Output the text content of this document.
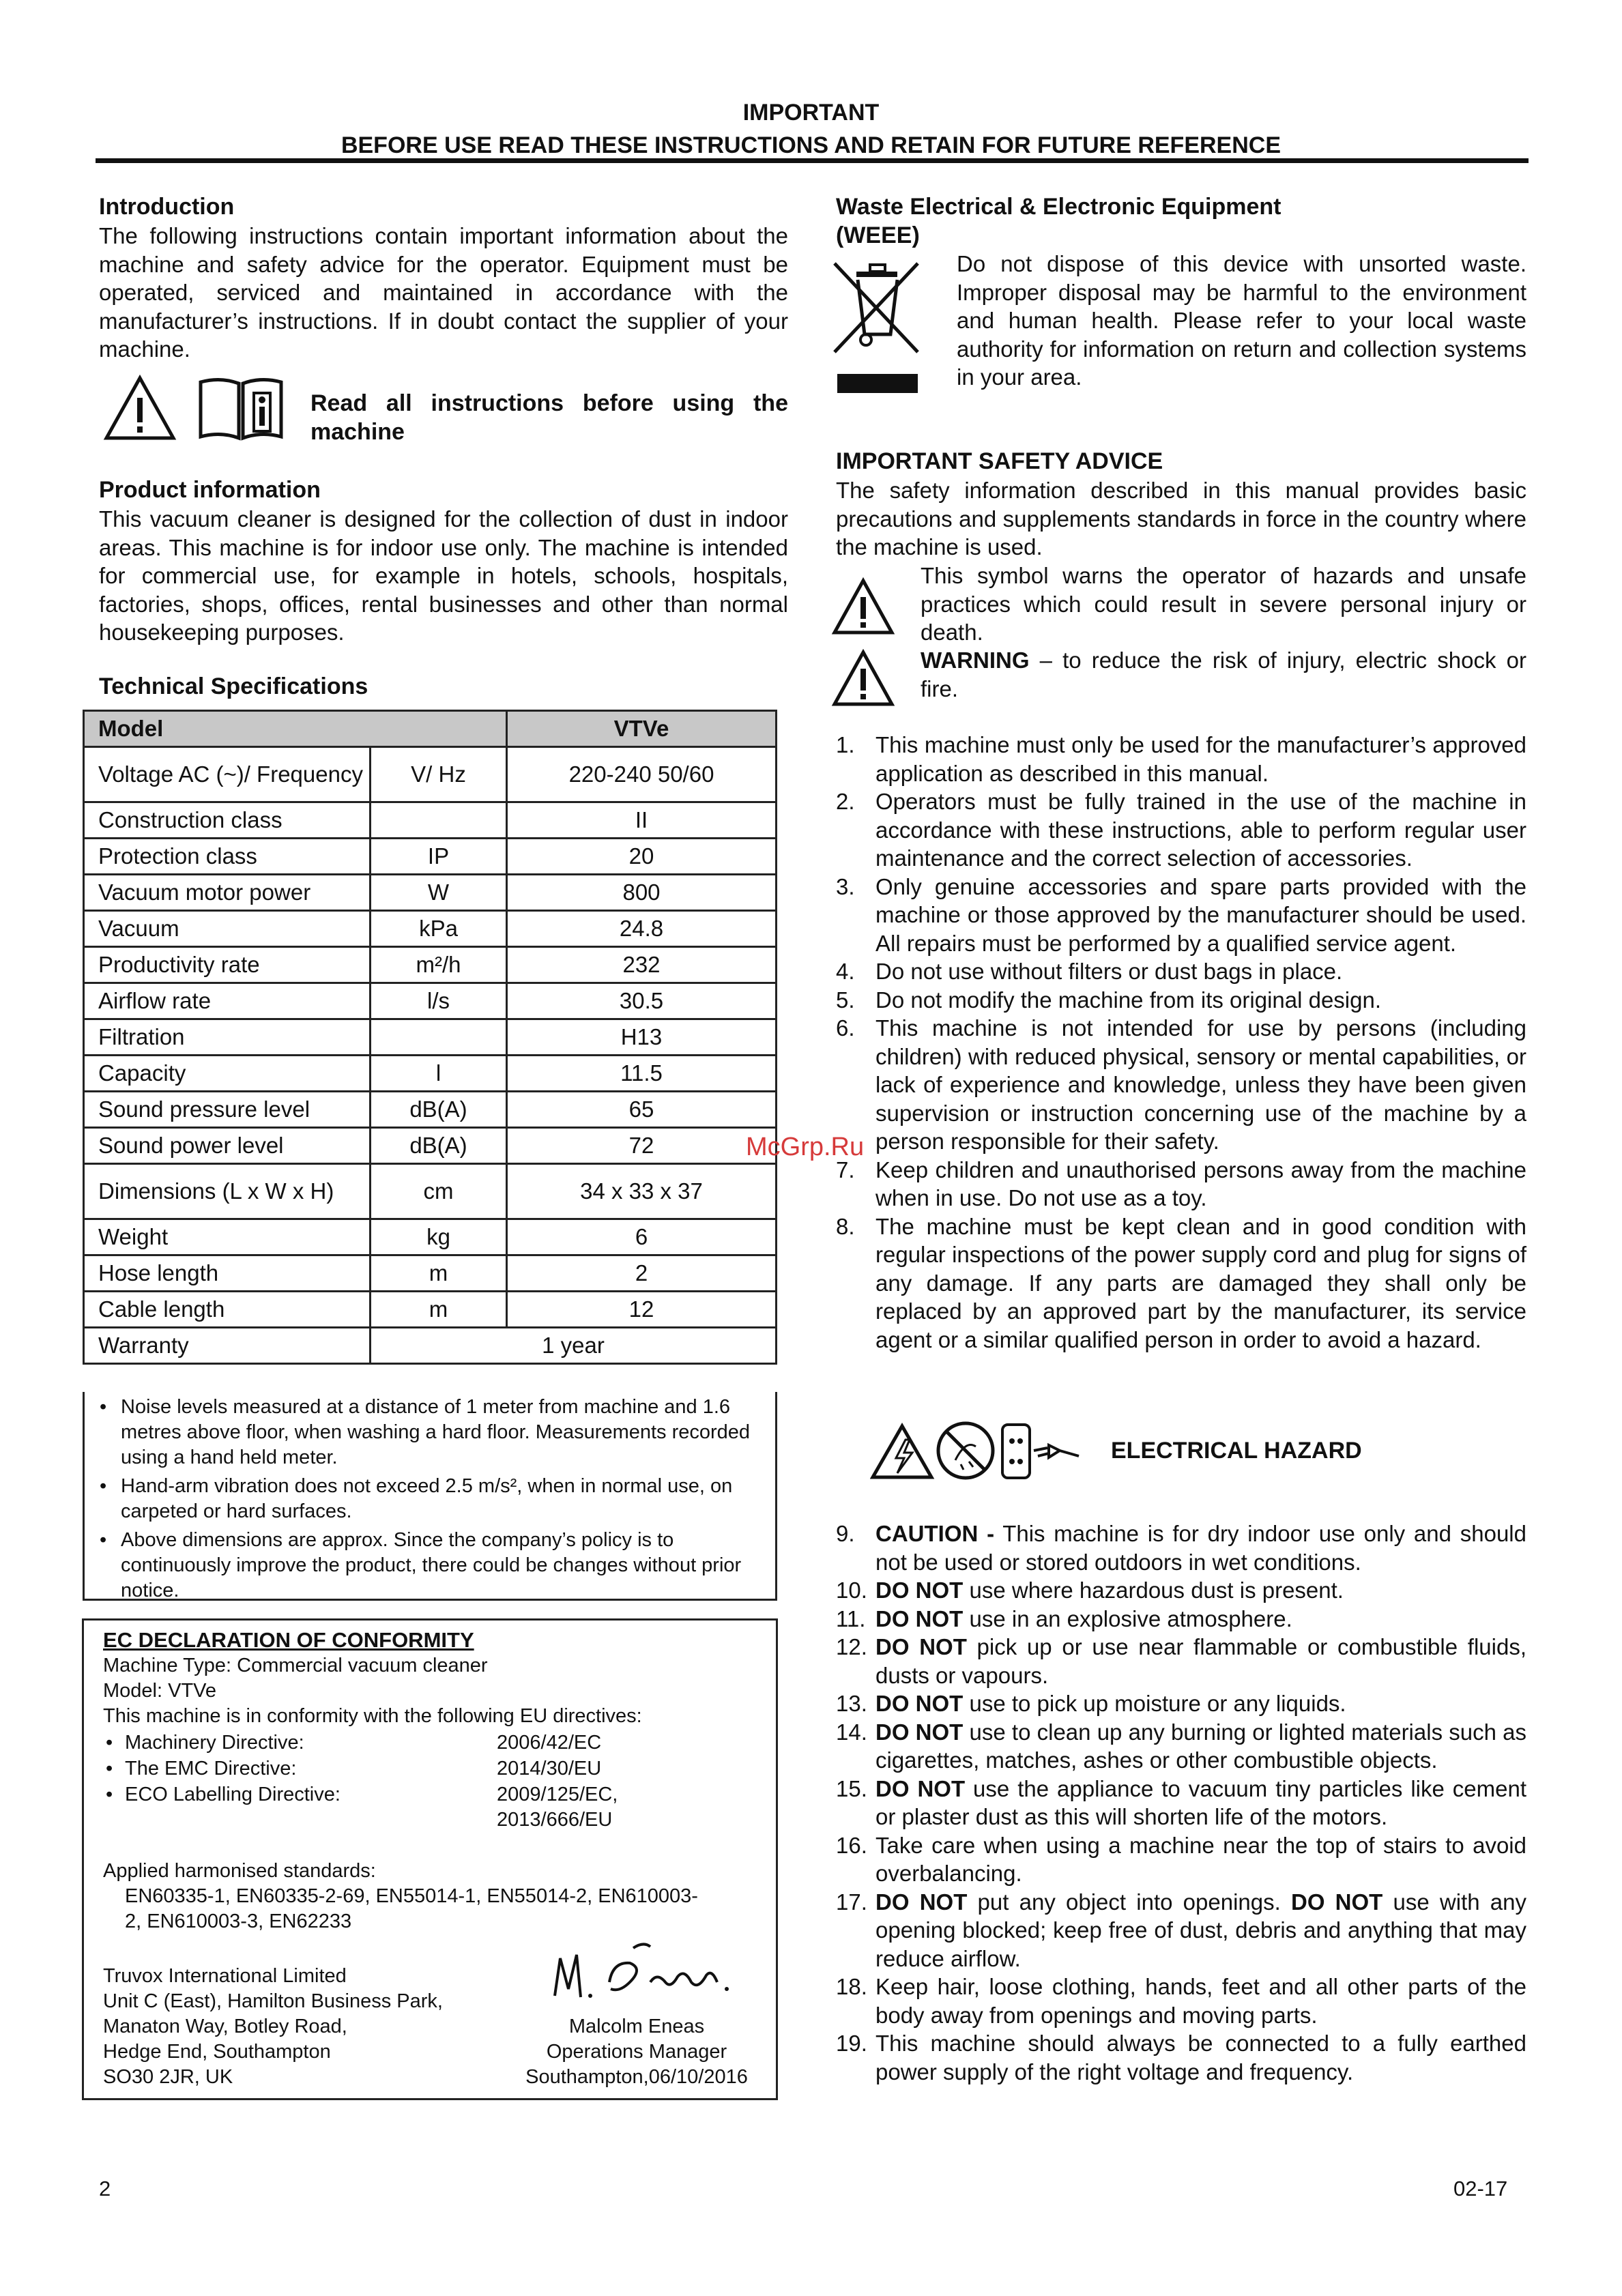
IMPORTANT
BEFORE USE READ THESE INSTRUCTIONS AND RETAIN FOR FUTURE REFERENCE
Introduction
The following instructions contain important information about the machine and safety advice for the operator. Equipment must be operated, serviced and maintained in accordance with the manufacturer’s instructions. If in doubt contact the supplier of your machine.
Read all instructions before using the machine
Product information
This vacuum cleaner is designed for the collection of dust in indoor areas. This machine is for indoor use only. The machine is intended for commercial use, for example in hotels, schools, hospitals, factories, shops, offices, rental businesses and other than normal housekeeping purposes.
Technical Specifications
Model		VTVe
Voltage AC (~)/ Frequency	V/ Hz	220-240 50/60
Construction class		II
Protection class	IP	20
Vacuum motor power	W	800
Vacuum	kPa	24.8
Productivity rate	m²/h	232
Airflow rate	l/s	30.5
Filtration		H13
Capacity	l	11.5
Sound pressure level	dB(A)	65
Sound power level	dB(A)	72
Dimensions (L x W x H)	cm	34 x 33 x 37
Weight	kg	6
Hose length	m	2
Cable length	m	12
Warranty	1 year	
• Noise levels measured at a distance of 1 meter from machine and 1.6 metres above floor, when washing a hard floor. Measurements recorded using a hand held meter.
• Hand-arm vibration does not exceed 2.5 m/s², when in normal use, on carpeted or hard surfaces.
• Above dimensions are approx. Since the company’s policy is to continuously improve the product, there could be changes without prior notice.
EC DECLARATION OF CONFORMITY
Machine Type: Commercial vacuum cleaner
Model: VTVe
This machine is in conformity with the following EU directives:
• Machinery Directive:	2006/42/EC
• The EMC Directive:	2014/30/EU
• ECO Labelling Directive:	2009/125/EC,
2013/666/EU
Applied harmonised standards:
EN60335-1, EN60335-2-69, EN55014-1, EN55014-2, EN610003-
2, EN610003-3, EN62233
Truvox International Limited
Unit C (East), Hamilton Business Park,
Manaton Way, Botley Road,
Hedge End, Southampton
SO30 2JR, UK
Malcolm Eneas
Operations Manager
Southampton,06/10/2016
Waste Electrical & Electronic Equipment
(WEEE)
Do not dispose of this device with unsorted waste. Improper disposal may be harmful to the environment and human health. Please refer to your local waste authority for information on return and collection systems in your area.
IMPORTANT SAFETY ADVICE
The safety information described in this manual provides basic precautions and supplements standards in force in the country where the machine is used.
This symbol warns the operator of hazards and unsafe practices which could result in severe personal injury or death.
WARNING – to reduce the risk of injury, electric shock or fire.
1. This machine must only be used for the manufacturer’s approved application as described in this manual.
2. Operators must be fully trained in the use of the machine in accordance with these instructions, able to perform regular user maintenance and the correct selection of accessories.
3. Only genuine accessories and spare parts provided with the machine or those approved by the manufacturer should be used. All repairs must be performed by a qualified service agent.
4. Do not use without filters or dust bags in place.
5. Do not modify the machine from its original design.
6. This machine is not intended for use by persons (including children) with reduced physical, sensory or mental capabilities, or lack of experience and knowledge, unless they have been given supervision or instruction concerning use of the machine by a person responsible for their safety.
7. Keep children and unauthorised persons away from the machine when in use. Do not use as a toy.
8. The machine must be kept clean and in good condition with regular inspections of the power supply cord and plug for signs of any damage. If any parts are damaged they shall only be replaced by an approved part by the manufacturer, its service agent or a similar qualified person in order to avoid a hazard.
ELECTRICAL HAZARD
9. CAUTION - This machine is for dry indoor use only and should not be used or stored outdoors in wet conditions.
10. DO NOT use where hazardous dust is present.
11. DO NOT use in an explosive atmosphere.
12. DO NOT pick up or use near flammable or combustible fluids, dusts or vapours.
13. DO NOT use to pick up moisture or any liquids.
14. DO NOT use to clean up any burning or lighted materials such as cigarettes, matches, ashes or other combustible objects.
15. DO NOT use the appliance to vacuum tiny particles like cement or plaster dust as this will shorten life of the motors.
16. Take care when using a machine near the top of stairs to avoid overbalancing.
17. DO NOT put any object into openings. DO NOT use with any opening blocked; keep free of dust, debris and anything that may reduce airflow.
18. Keep hair, loose clothing, hands, feet and all other parts of the body away from openings and moving parts.
19. This machine should always be connected to a fully earthed power supply of the right voltage and frequency.
McGrp.Ru
2	02-17
